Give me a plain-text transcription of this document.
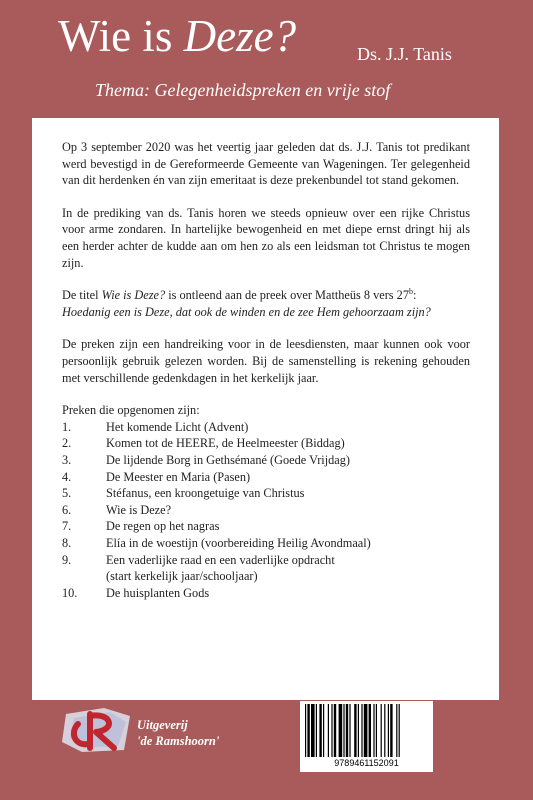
Wie is Deze?	Ds. J.J. Tanis
Thema: Gelegenheidspreken en vrije stof

Op 3 september 2020 was het veertig jaar geleden dat ds. J.J. Tanis tot predikant werd bevestigd in de Gereformeerde Gemeente van Wageningen. Ter gelegenheid van dit herdenken én van zijn emeritaat is deze prekenbundel tot stand gekomen.

In de prediking van ds. Tanis horen we steeds opnieuw over een rijke Christus voor arme zondaren. In hartelijke bewogenheid en met diepe ernst dringt hij als een herder achter de kudde aan om hen zo als een leidsman tot Christus te mogen zijn.

De titel Wie is Deze? is ontleend aan de preek over Mattheüs 8 vers 27$^b$:
Hoedanig een is Deze, dat ook de winden en de zee Hem gehoorzaam zijn?

De preken zijn een handreiking voor in de leesdiensten, maar kunnen ook voor persoonlijk gebruik gelezen worden. Bij de samenstelling is rekening gehouden met verschillende gedenkdagen in het kerkelijk jaar.

Preken die opgenomen zijn:
1.	Het komende Licht (Advent)
2.	Komen tot de HEERE, de Heelmeester (Biddag)
3.	De lijdende Borg in Gethsémané (Goede Vrijdag)
4.	De Meester en Maria (Pasen)
5.	Stéfanus, een kroongetuige van Christus
6.	Wie is Deze?
7.	De regen op het nagras
8.	Elía in de woestijn (voorbereiding Heilig Avondmaal)
9.	Een vaderlijke raad en een vaderlijke opdracht
(start kerkelijk jaar/schooljaar)
10.	De huisplanten Gods
Uitgeverij
'de Ramshoorn'
9789461152091
